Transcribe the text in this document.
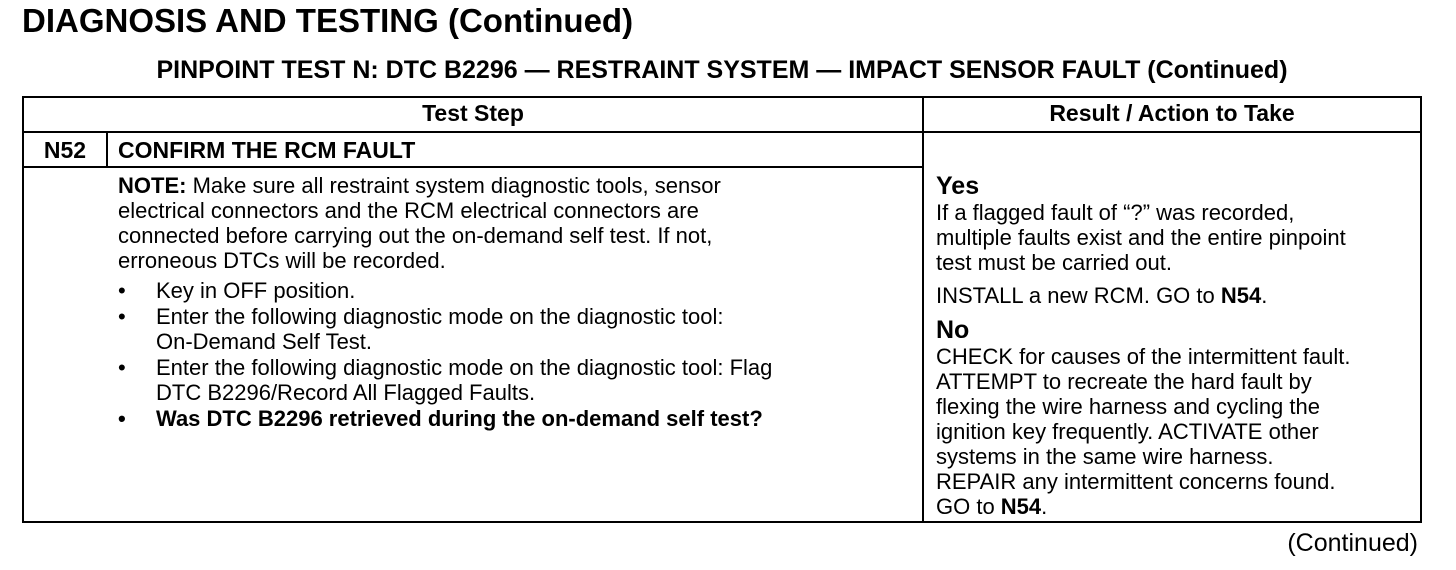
DIAGNOSIS AND TESTING (Continued)
PINPOINT TEST N: DTC B2296 — RESTRAINT SYSTEM — IMPACT SENSOR FAULT (Continued)
Test Step	Result / Action to Take
N52	CONFIRM THE RCM FAULT

NOTE: Make sure all restraint system diagnostic tools, sensor

electrical connectors and the RCM electrical connectors are

connected before carrying out the on-demand self test. If not,

erroneous DTCs will be recorded.

• Key in OFF position.
• Enter the following diagnostic mode on the diagnostic tool:
On-Demand Self Test.
• Enter the following diagnostic mode on the diagnostic tool: Flag
DTC B2296/Record All Flagged Faults.
• Was DTC B2296 retrieved during the on-demand self test?
Yes

If a flagged fault of “?” was recorded,

multiple faults exist and the entire pinpoint

test must be carried out.

INSTALL a new RCM. GO to N54.

No

CHECK for causes of the intermittent fault.

ATTEMPT to recreate the hard fault by

flexing the wire harness and cycling the

ignition key frequently. ACTIVATE other

systems in the same wire harness.

REPAIR any intermittent concerns found.

GO to N54.

(Continued)
